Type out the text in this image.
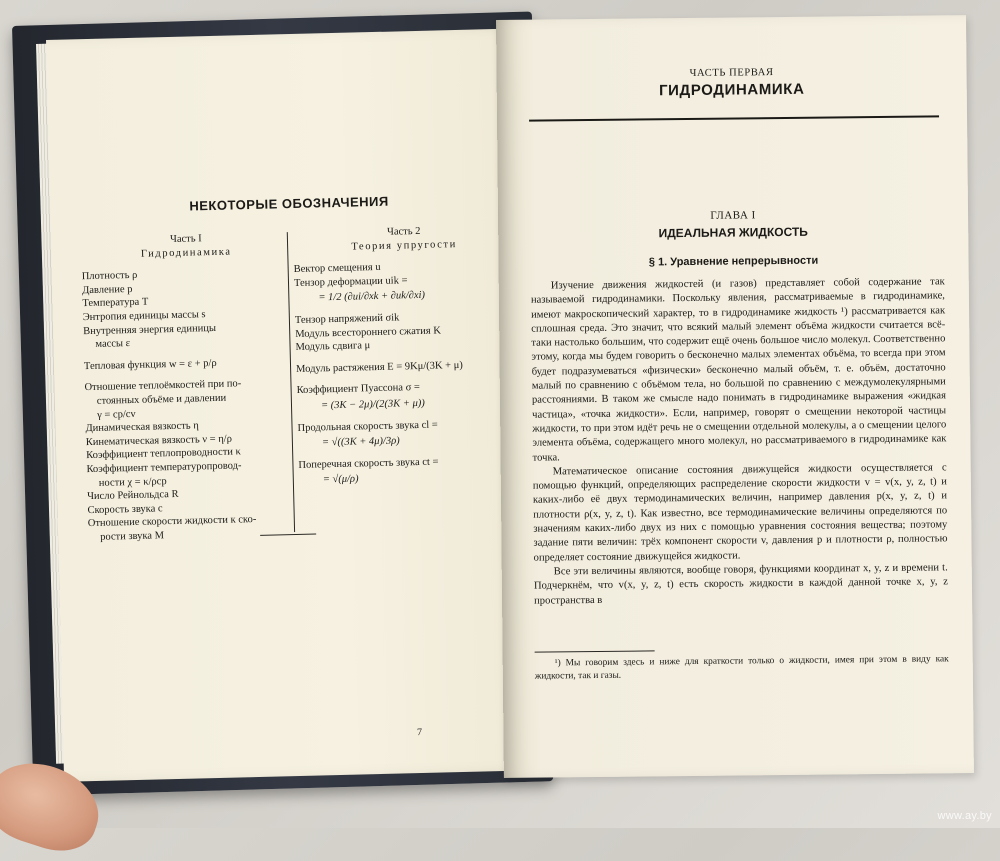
НЕКОТОРЫЕ ОБОЗНАЧЕНИЯ
Часть I
Гидродинамика
Плотность ρ
Давление p
Температура T
Энтропия единицы массы s
Внутренняя энергия единицы
массы ε
Тепловая функция w = ε + p/ρ
Отношение теплоёмкостей при по-
стоянных объёме и давлении
γ = cp/cv
Динамическая вязкость η
Кинематическая вязкость ν = η/ρ
Коэффициент теплопроводности κ
Коэффициент температуропровод-
ности χ = κ/ρcp
Число Рейнольдса R
Скорость звука c
Отношение скорости жидкости к ско-
рости звука M
Часть 2
Теория упругости
Вектор смещения u
Тензор деформации uik =
= 1/2 (∂ui/∂xk + ∂uk/∂xi)
Тензор напряжений σik
Модуль всестороннего сжатия K
Модуль сдвига μ
Модуль растяжения E = 9Kμ/(3K + μ)
Коэффициент Пуассона σ =
= (3K − 2μ)/(2(3K + μ))
Продольная скорость звука cl =
= √((3K + 4μ)/3ρ)
Поперечная скорость звука ct =
= √(μ/ρ)
7
ЧАСТЬ ПЕРВАЯ
ГИДРОДИНАМИКА
ГЛАВА I
ИДЕАЛЬНАЯ ЖИДКОСТЬ
§ 1. Уравнение непрерывности

Изучение движения жидкостей (и газов) представляет собой содержание так называемой гидродинамики. Поскольку явления, рассматриваемые в гидродинамике, имеют макроскопический характер, то в гидродинамике жидкость ¹) рассматривается как сплошная среда. Это значит, что всякий малый элемент объёма жидкости считается всё-таки настолько большим, что содержит ещё очень большое число молекул. Соответственно этому, когда мы будем говорить о бесконечно малых элементах объёма, то всегда при этом будет подразумеваться «физически» бесконечно малый объём, т. е. объём, достаточно малый по сравнению с объёмом тела, но большой по сравнению с междумолекулярными расстояниями. В таком же смысле надо понимать в гидродинамике выражения «жидкая частица», «точка жидкости». Если, например, говорят о смещении некоторой частицы жидкости, то при этом идёт речь не о смещении отдельной молекулы, а о смещении целого элемента объёма, содержащего много молекул, но рассматриваемого в гидродинамике как точка.

Математическое описание состояния движущейся жидкости осуществляется с помощью функций, определяющих распределение скорости жидкости v = v(x, y, z, t) и каких-либо её двух термодинамических величин, например давления p(x, y, z, t) и плотности ρ(x, y, z, t). Как известно, все термодинамические величины определяются по значениям каких-либо двух из них с помощью уравнения состояния вещества; поэтому задание пяти величин: трёх компонент скорости v, давления p и плотности ρ, полностью определяет состояние движущейся жидкости.

Все эти величины являются, вообще говоря, функциями координат x, y, z и времени t. Подчеркнём, что v(x, y, z, t) есть скорость жидкости в каждой данной точке x, y, z пространства в

¹) Мы говорим здесь и ниже для краткости только о жидкости, имея при этом в виду как жидкости, так и газы.
www.ay.by
